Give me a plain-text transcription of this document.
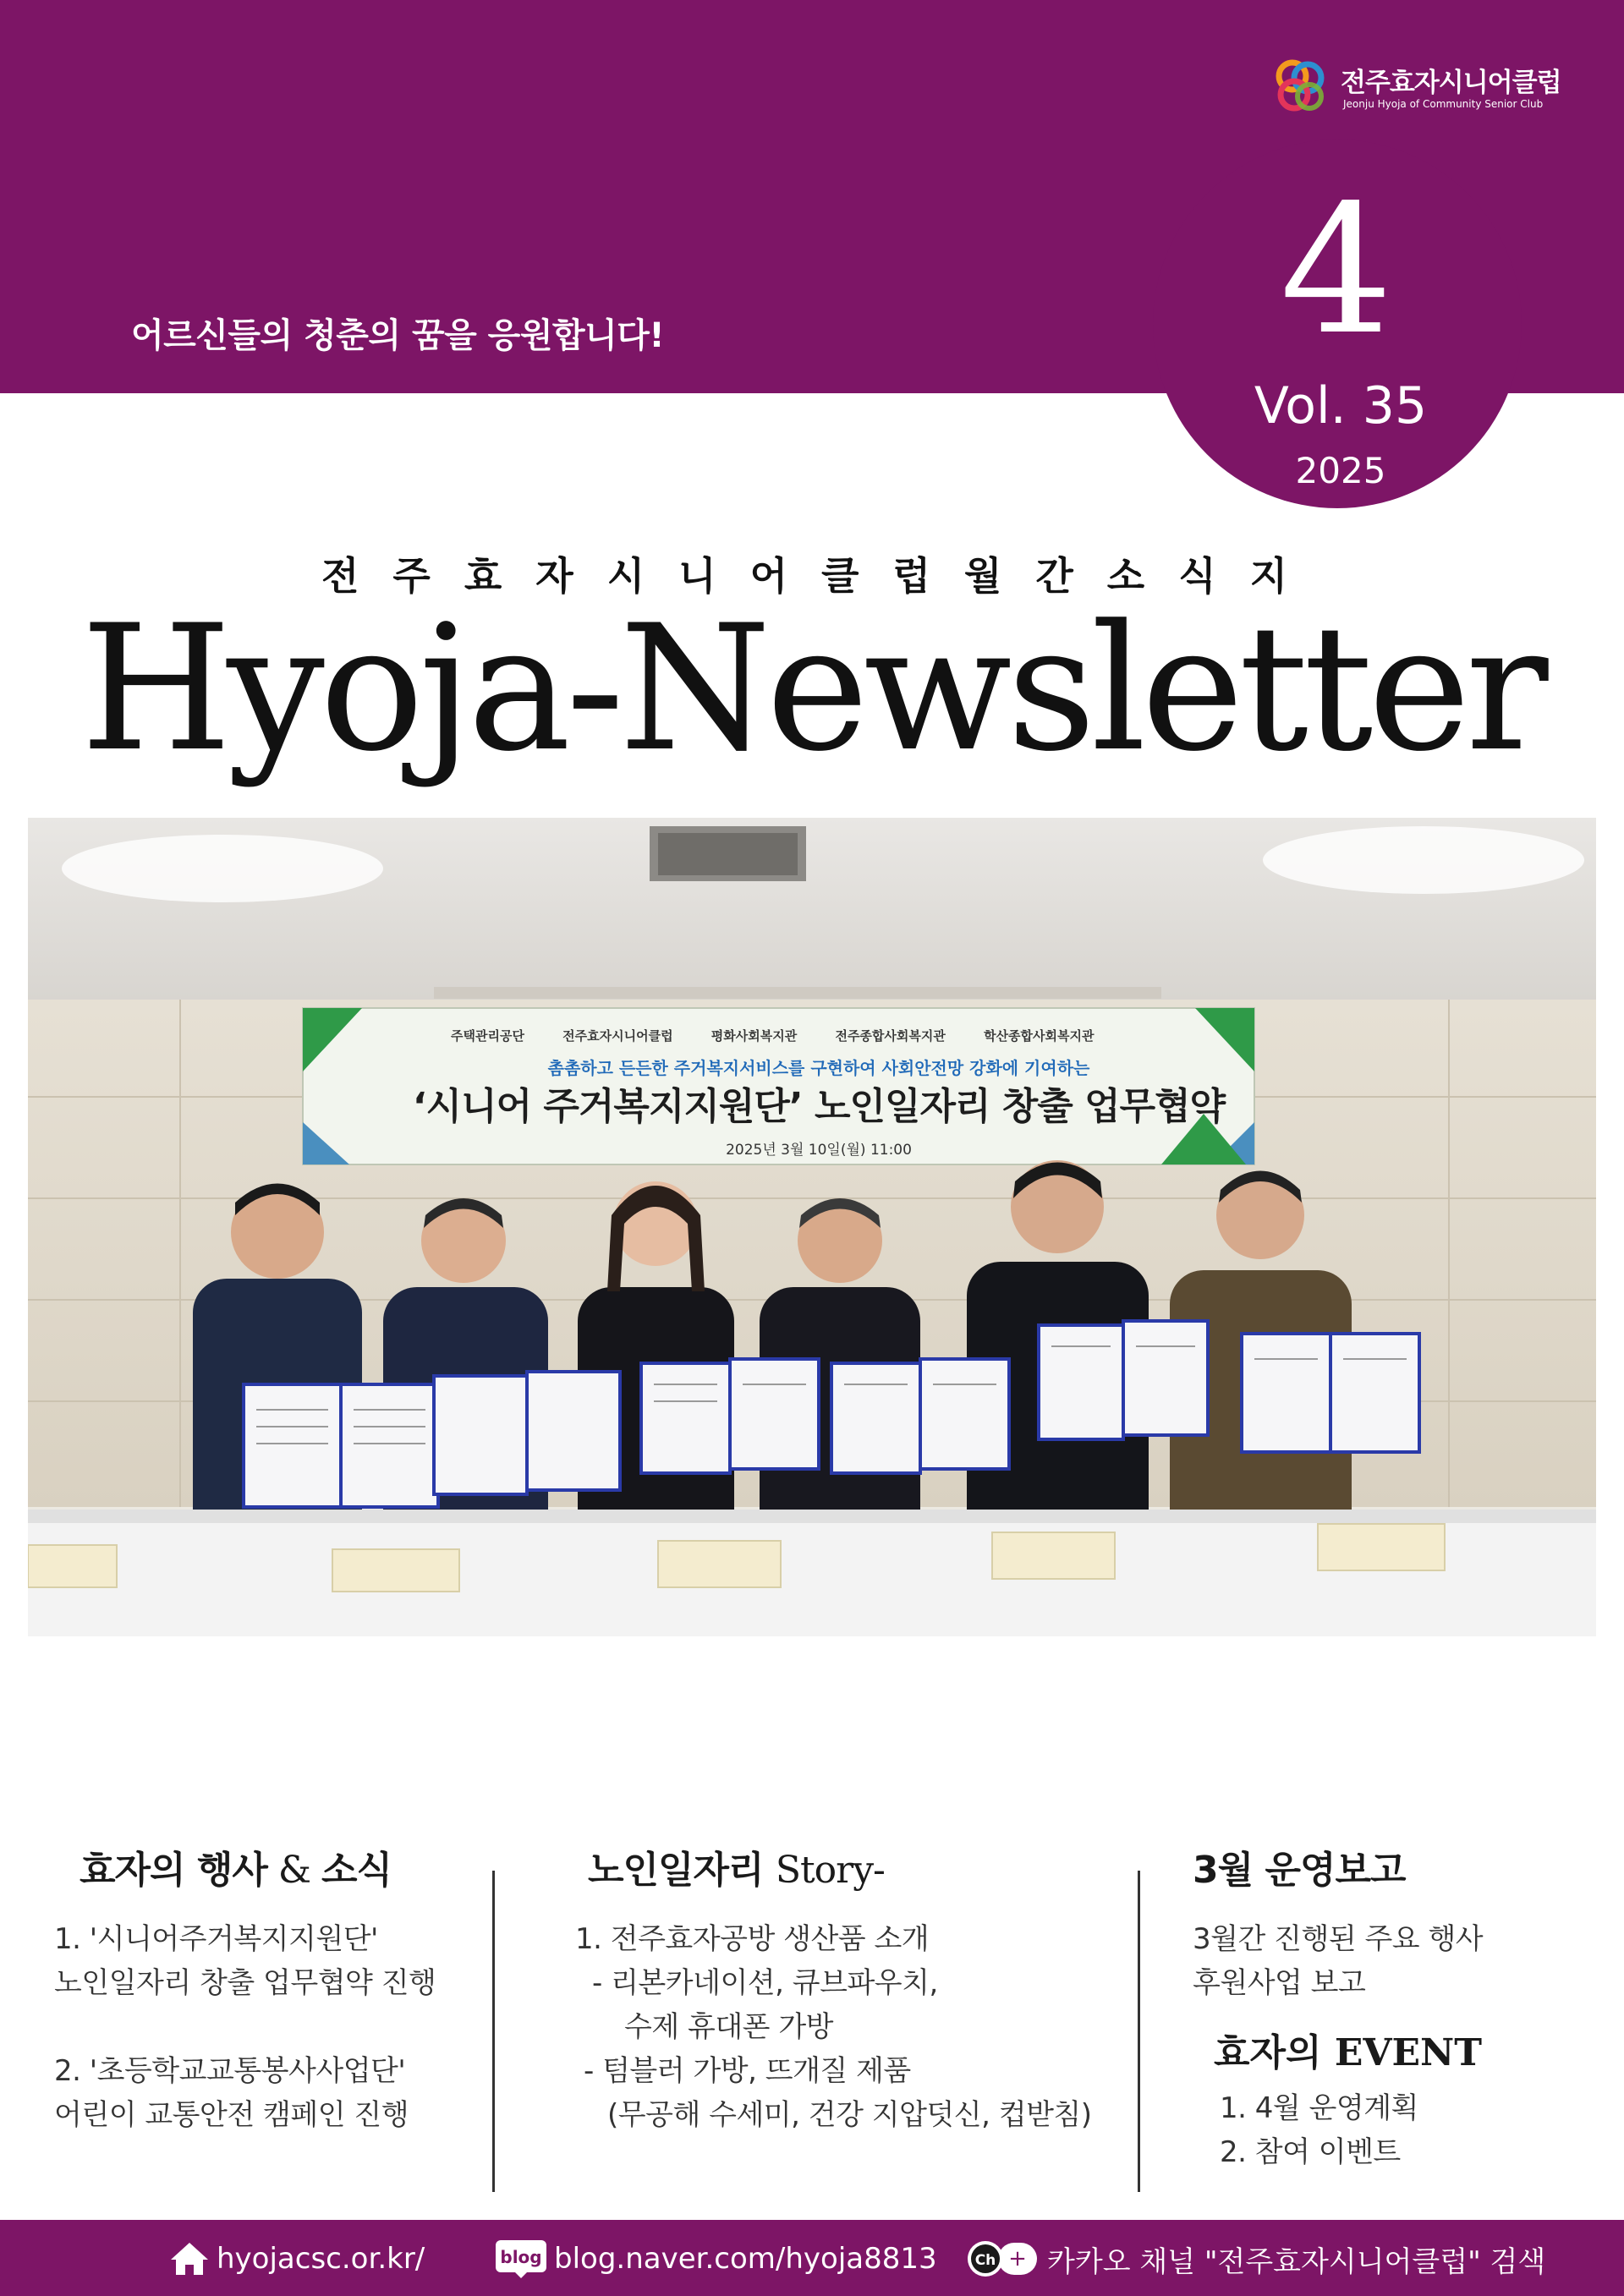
전주효자시니어클럽
Jeonju Hyoja of Community Senior Club
어르신들의 청춘의 꿈을 응원합니다!	4
Vol. 35
2025
전주효자시니어클럽월간소식지
Hyoja-Newsletter
주택관리공단 전주효자시니어클럽 평화사회복지관 전주종합사회복지관 학산종합사회복지관
촘촘하고 든든한 주거복지서비스를 구현하여 사회안전망 강화에 기여하는
‘시니어 주거복지지원단’ 노인일자리 창출 업무협약
2025년 3월 10일(월) 11:00
효자의 행사 & 소식

1. '시니어주거복지지원단'

노인일자리 창출 업무협약 진행

2. '초등학교교통봉사사업단'

어린이 교통안전 캠페인 진행

노인일자리 Story-

1. 전주효자공방 생산품 소개

- 리본카네이션, 큐브파우치,

수제 휴대폰 가방

- 텀블러 가방, 뜨개질 제품

(무공해 수세미, 건강 지압덧신, 컵받침)

3월 운영보고

3월간 진행된 주요 행사

후원사업 보고

효자의 EVENT

1. 4월 운영계획

2. 참여 이벤트

hyojacsc.or.kr/	blog blog.naver.com/hyoja8813	+
Ch 카카오 채널 "전주효자시니어클럽" 검색
